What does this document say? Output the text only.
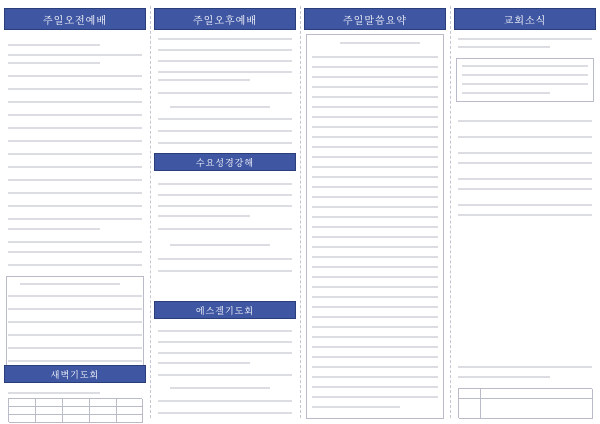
주일오전예배
새벽기도회
주일오후예배
수요성경강해
에스겔기도회
주일말씀요약	교회소식
